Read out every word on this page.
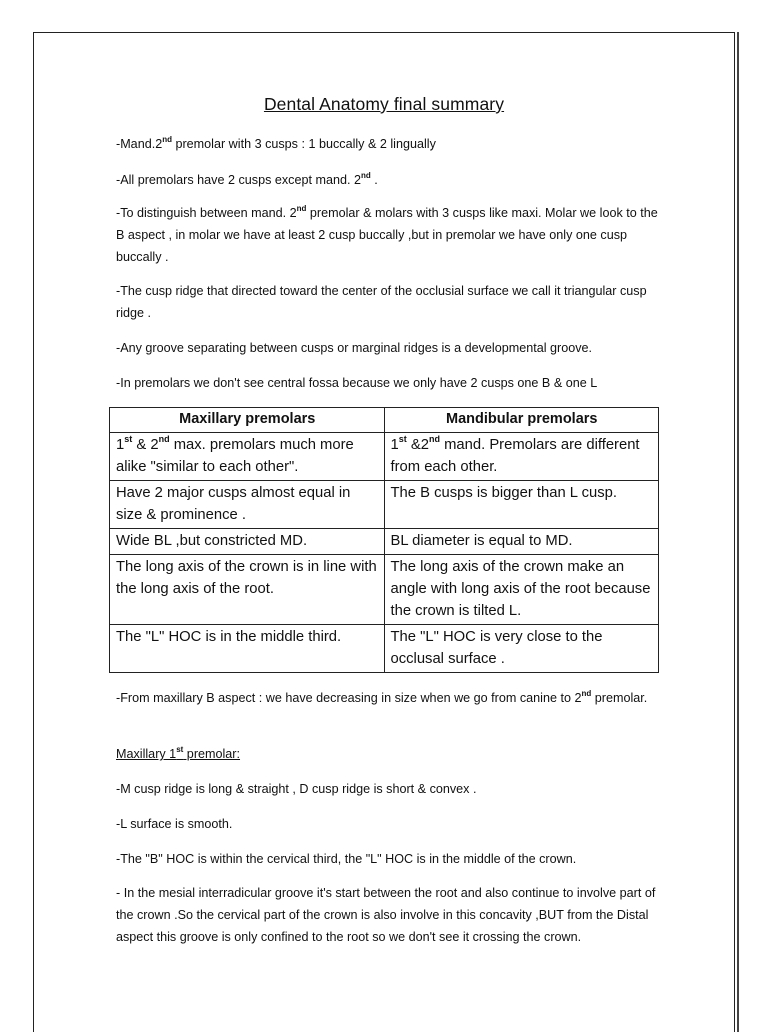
Dental Anatomy final summary
-Mand.2nd premolar with 3 cusps : 1 buccally & 2 lingually
-All premolars have 2 cusps except mand. 2nd .
-To distinguish between mand. 2nd premolar & molars with 3 cusps like maxi. Molar we look to the B aspect , in molar we have at least 2 cusp buccally ,but in premolar we have only one cusp buccally .
-The cusp ridge that directed toward the center of the occlusial surface we call it triangular cusp ridge .
-Any groove separating between cusps or marginal ridges is a developmental groove.
-In premolars we don't see central fossa because we only have 2 cusps one B & one L
Maxillary premolars	Mandibular premolars
1st & 2nd max. premolars much more alike "similar to each other".	1st &2nd mand. Premolars are different from each other.
Have 2 major cusps almost equal in size & prominence .	The B cusps is bigger than L cusp.
Wide BL ,but constricted MD.	BL diameter is equal to MD.
The long axis of the crown is in line with the long axis of the root.	The long axis of the crown make an angle with long axis of the root because the crown is tilted L.
The "L" HOC is in the middle third.	The "L" HOC is very close to the occlusal surface .
-From maxillary B aspect : we have decreasing in size when we go from canine to 2nd premolar.
Maxillary 1st premolar:
-M cusp ridge is long & straight , D cusp ridge is short & convex .
-L surface is smooth.
-The "B" HOC is within the cervical third, the "L" HOC is in the middle of the crown.
- In the mesial interradicular groove it's start between the root and also continue to involve part of the crown .So the cervical part of the crown is also involve in this concavity ,BUT from the Distal aspect this groove is only confined to the root so we don't see it crossing the crown.
